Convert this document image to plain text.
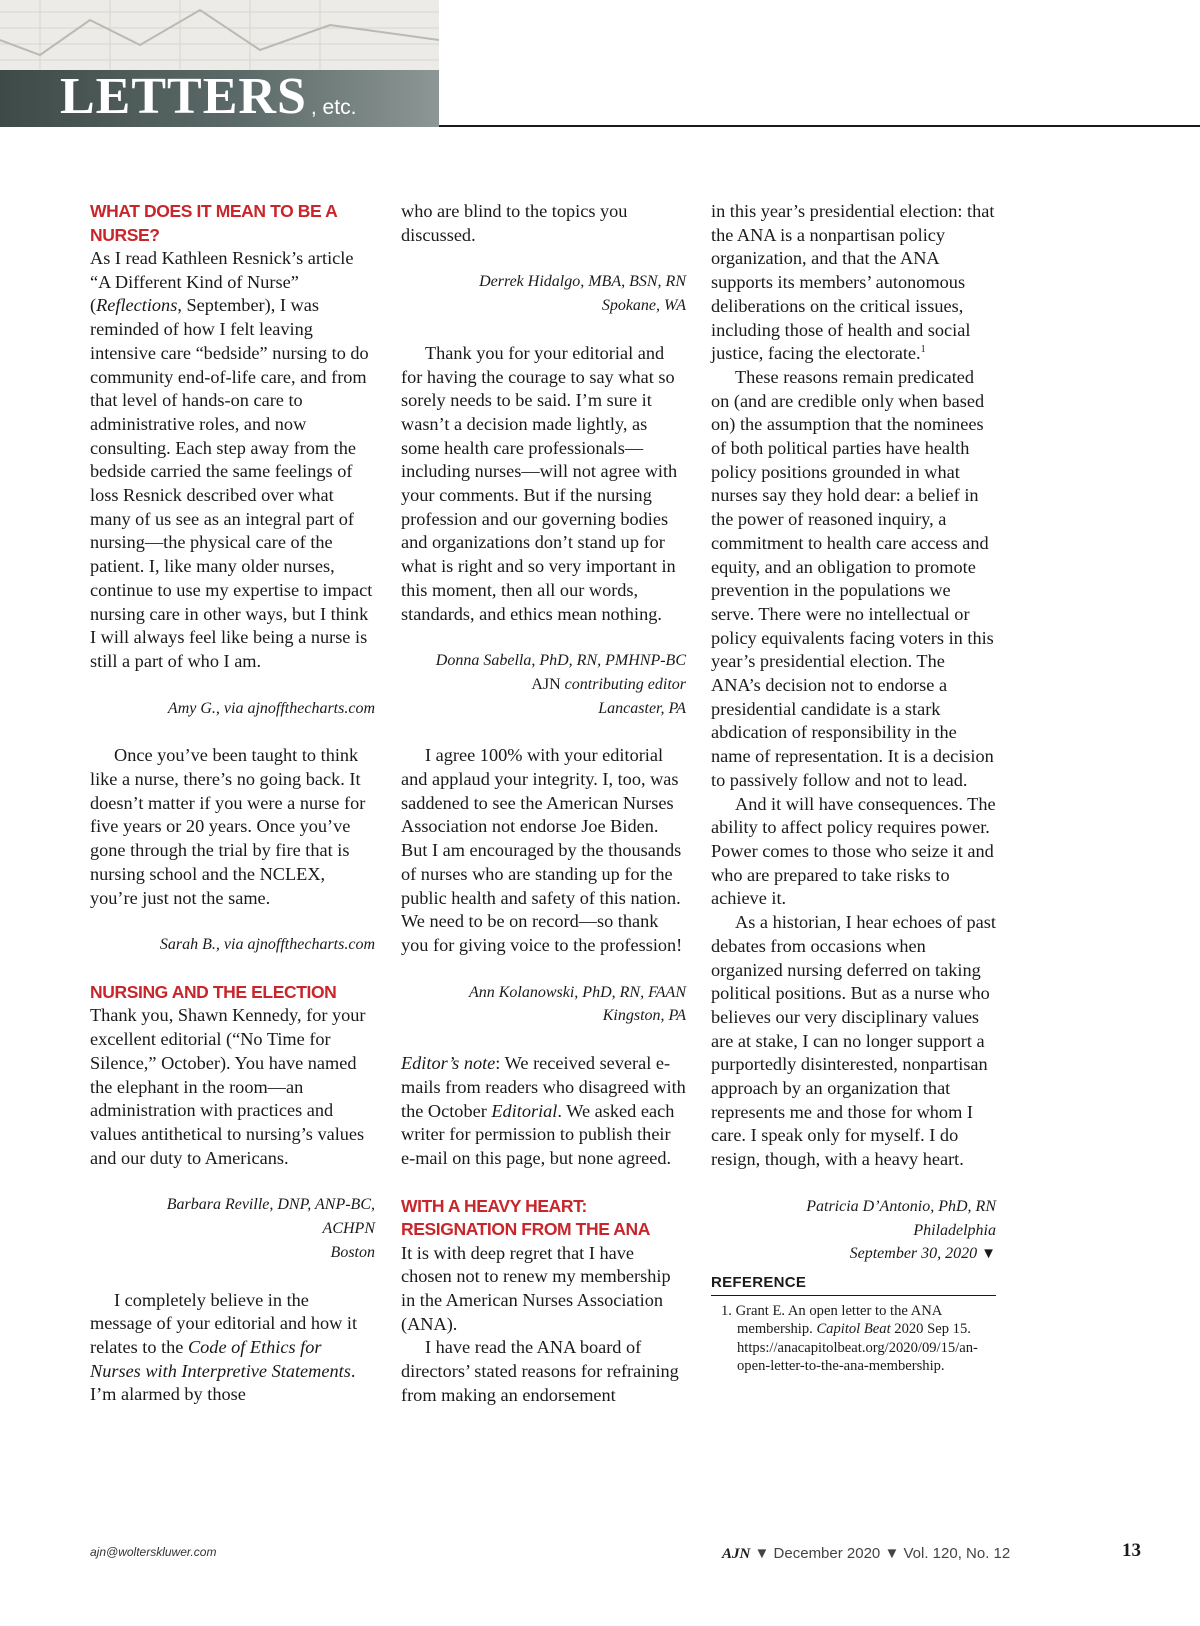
LETTERS , etc.
WHAT DOES IT MEAN TO BE A NURSE?

As I read Kathleen Resnick’s article “A Different Kind of Nurse” (Reflections, September), I was reminded of how I felt leaving intensive care “bedside” nursing to do community end-of-life care, and from that level of hands-on care to administrative roles, and now consulting. Each step away from the bedside carried the same feelings of loss Resnick described over what many of us see as an integral part of nursing—the physical care of the patient. I, like many older nurses, continue to use my expertise to impact nursing care in other ways, but I think I will always feel like being a nurse is still a part of who I am.

Amy G., via ajnoffthecharts.com

Once you’ve been taught to think like a nurse, there’s no going back. It doesn’t matter if you were a nurse for five years or 20 years. Once you’ve gone through the trial by fire that is nursing school and the NCLEX, you’re just not the same.

Sarah B., via ajnoffthecharts.com

NURSING AND THE ELECTION

Thank you, Shawn Kennedy, for your excellent editorial (“No Time for Silence,” October). You have named the elephant in the room—an administration with practices and values antithetical to nursing’s values and our duty to Americans.

Barbara Reville, DNP, ANP-BC,
ACHPN
Boston

I completely believe in the message of your editorial and how it relates to the Code of Ethics for Nurses with Interpretive Statements. I’m alarmed by those

who are blind to the topics you discussed.

Derrek Hidalgo, MBA, BSN, RN
Spokane, WA

Thank you for your editorial and for having the courage to say what so sorely needs to be said. I’m sure it wasn’t a decision made lightly, as some health care professionals—including nurses—will not agree with your comments. But if the nursing profession and our governing bodies and organizations don’t stand up for what is right and so very important in this moment, then all our words, standards, and ethics mean nothing.

Donna Sabella, PhD, RN, PMHNP-BC
AJN contributing editor
Lancaster, PA

I agree 100% with your editorial and applaud your integrity. I, too, was saddened to see the American Nurses Association not endorse Joe Biden. But I am encouraged by the thousands of nurses who are standing up for the public health and safety of this nation. We need to be on record—so thank you for giving voice to the profession!

Ann Kolanowski, PhD, RN, FAAN
Kingston, PA

Editor’s note: We received several e-mails from readers who disagreed with the October Editorial. We asked each writer for permission to publish their e-mail on this page, but none agreed.

WITH A HEAVY HEART: RESIGNATION FROM THE ANA

It is with deep regret that I have chosen not to renew my membership in the American Nurses Association (ANA).

I have read the ANA board of directors’ stated reasons for refraining from making an endorsement

in this year’s presidential election: that the ANA is a nonpartisan policy organization, and that the ANA supports its members’ autonomous deliberations on the critical issues, including those of health and social justice, facing the electorate.$^1$

These reasons remain predicated on (and are credible only when based on) the assumption that the nominees of both political parties have health policy positions grounded in what nurses say they hold dear: a belief in the power of reasoned inquiry, a commitment to health care access and equity, and an obligation to promote prevention in the populations we serve. There were no intellectual or policy equivalents facing voters in this year’s presidential election. The ANA’s decision not to endorse a presidential candidate is a stark abdication of responsibility in the name of representation. It is a decision to passively follow and not to lead.

And it will have consequences. The ability to affect policy requires power. Power comes to those who seize it and who are prepared to take risks to achieve it.

As a historian, I hear echoes of past debates from occasions when organized nursing deferred on taking political positions. But as a nurse who believes our very disciplinary values are at stake, I can no longer support a purportedly disinterested, nonpartisan approach by an organization that represents me and those for whom I care. I speak only for myself. I do resign, though, with a heavy heart.

Patricia D’Antonio, PhD, RN
Philadelphia
September 30, 2020 ▼

REFERENCE
1. Grant E. An open letter to the ANA membership. Capitol Beat 2020 Sep 15. https://anacapitolbeat.org/2020/09/15/an-open-letter-to-the-ana-membership.
ajn@wolterskluwer.com	AJN ▼ December 2020 ▼ Vol. 120, No. 12	13
